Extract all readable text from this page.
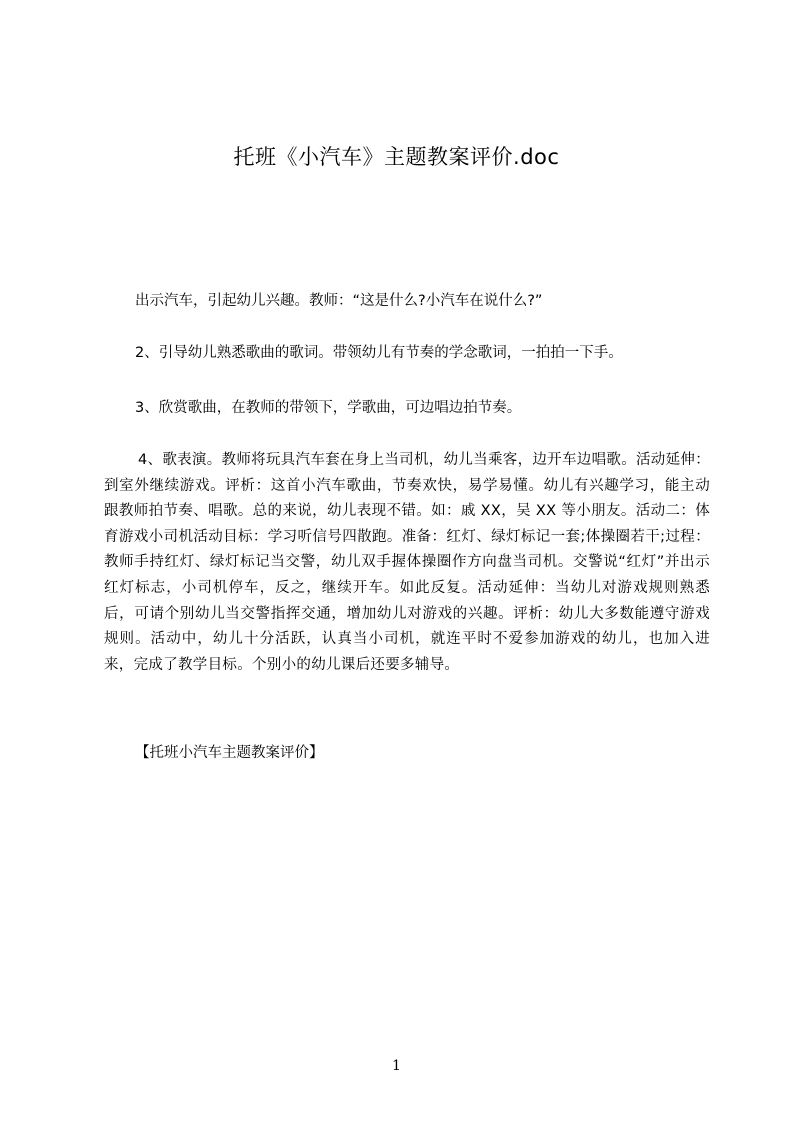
托班《小汽车》主题教案评价.doc

出示汽车，引起幼儿兴趣。教师：“这是什么?小汽车在说什么?”

2、引导幼儿熟悉歌曲的歌词。带领幼儿有节奏的学念歌词，一拍拍一下手。

3、欣赏歌曲，在教师的带领下，学歌曲，可边唱边拍节奏。

4、歌表演。教师将玩具汽车套在身上当司机，幼儿当乘客，边开车边唱歌。活动延伸：到室外继续游戏。评析：这首小汽车歌曲，节奏欢快，易学易懂。幼儿有兴趣学习，能主动跟教师拍节奏、唱歌。总的来说，幼儿表现不错。如：戚 XX，吴 XX 等小朋友。活动二：体育游戏小司机活动目标：学习听信号四散跑。准备：红灯、绿灯标记一套;体操圈若干;过程：教师手持红灯、绿灯标记当交警，幼儿双手握体操圈作方向盘当司机。交警说“红灯”并出示红灯标志，小司机停车，反之，继续开车。如此反复。活动延伸：当幼儿对游戏规则熟悉后，可请个别幼儿当交警指挥交通，增加幼儿对游戏的兴趣。评析：幼儿大多数能遵守游戏规则。活动中，幼儿十分活跃，认真当小司机，就连平时不爱参加游戏的幼儿，也加入进来，完成了教学目标。个别小的幼儿课后还要多辅导。

【托班小汽车主题教案评价】

1
